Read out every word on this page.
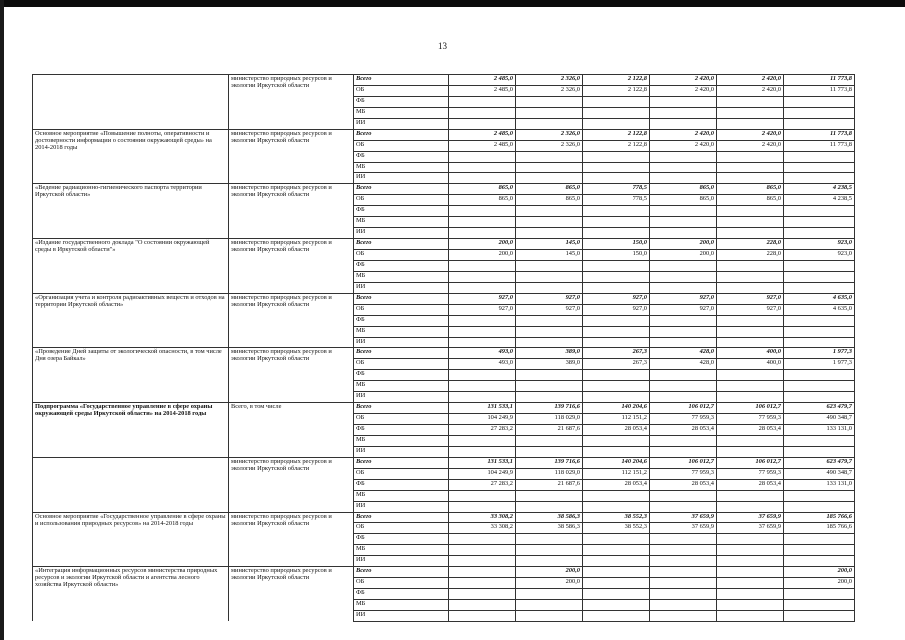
13
	министерство природных ресурсов и экологии Иркутской области	Всего	2 485,0	2 326,0	2 122,8	2 420,0	2 420,0	11 773,8
		ОБ	2 485,0	2 326,0	2 122,8	2 420,0	2 420,0	11 773,8
		ФБ						
		МБ						
		ИИ						
Основное мероприятие «Повышение полноты, оперативности и достоверности информации о состоянии окружающей среды» на 2014-2018 годы	министерство природных ресурсов и экологии Иркутской области	Всего	2 485,0	2 326,0	2 122,8	2 420,0	2 420,0	11 773,8
		ОБ	2 485,0	2 326,0	2 122,8	2 420,0	2 420,0	11 773,8
		ФБ						
		МБ						
		ИИ						
«Ведение радиационно-гигиенического паспорта территории Иркутской области»	министерство природных ресурсов и экологии Иркутской области	Всего	865,0	865,0	778,5	865,0	865,0	4 238,5
		ОБ	865,0	865,0	778,5	865,0	865,0	4 238,5
		ФБ						
		МБ						
		ИИ						
«Издание государственного доклада "О состоянии окружающей среды в Иркутской области"»	министерство природных ресурсов и экологии Иркутской области	Всего	200,0	145,0	150,0	200,0	228,0	923,0
		ОБ	200,0	145,0	150,0	200,0	228,0	923,0
		ФБ						
		МБ						
		ИИ						
«Организация учета и контроля радиоактивных веществ и отходов на территории Иркутской области»	министерство природных ресурсов и экологии Иркутской области	Всего	927,0	927,0	927,0	927,0	927,0	4 635,0
		ОБ	927,0	927,0	927,0	927,0	927,0	4 635,0
		ФБ						
		МБ						
		ИИ						
«Проведение Дней защиты от экологической опасности, в том числе Дня озера Байкал»	министерство природных ресурсов и экологии Иркутской области	Всего	493,0	389,0	267,3	428,0	400,0	1 977,3
		ОБ	493,0	389,0	267,3	428,0	400,0	1 977,3
		ФБ						
		МБ						
		ИИ						
Подпрограмма «Государственное управление в сфере охраны окружающей среды Иркутской области» на 2014-2018 годы	Всего, в том числе	Всего	131 533,1	139 716,6	140 204,6	106 012,7	106 012,7	623 479,7
		ОБ	104 249,9	118 029,0	112 151,2	77 959,3	77 959,3	490 348,7
		ФБ	27 283,2	21 687,6	28 053,4	28 053,4	28 053,4	133 131,0
		МБ						
		ИИ						
	министерство природных ресурсов и экологии Иркутской области	Всего	131 533,1	139 716,6	140 204,6	106 012,7	106 012,7	623 479,7
		ОБ	104 249,9	118 029,0	112 151,2	77 959,3	77 959,3	490 348,7
		ФБ	27 283,2	21 687,6	28 053,4	28 053,4	28 053,4	133 131,0
		МБ						
		ИИ						
Основное мероприятие «Государственное управление в сфере охраны и использования природных ресурсов» на 2014-2018 годы	министерство природных ресурсов и экологии Иркутской области	Всего	33 308,2	38 586,3	38 552,3	37 659,9	37 659,9	185 766,6
		ОБ	33 308,2	38 586,3	38 552,3	37 659,9	37 659,9	185 766,6
		ФБ						
		МБ						
		ИИ						
«Интеграция информационных ресурсов министерства природных ресурсов и экологии Иркутской области и агентства лесного хозяйства Иркутской области»	министерство природных ресурсов и экологии Иркутской области	Всего		200,0				200,0
		ОБ		200,0				200,0
		ФБ						
		МБ						
		ИИ						
